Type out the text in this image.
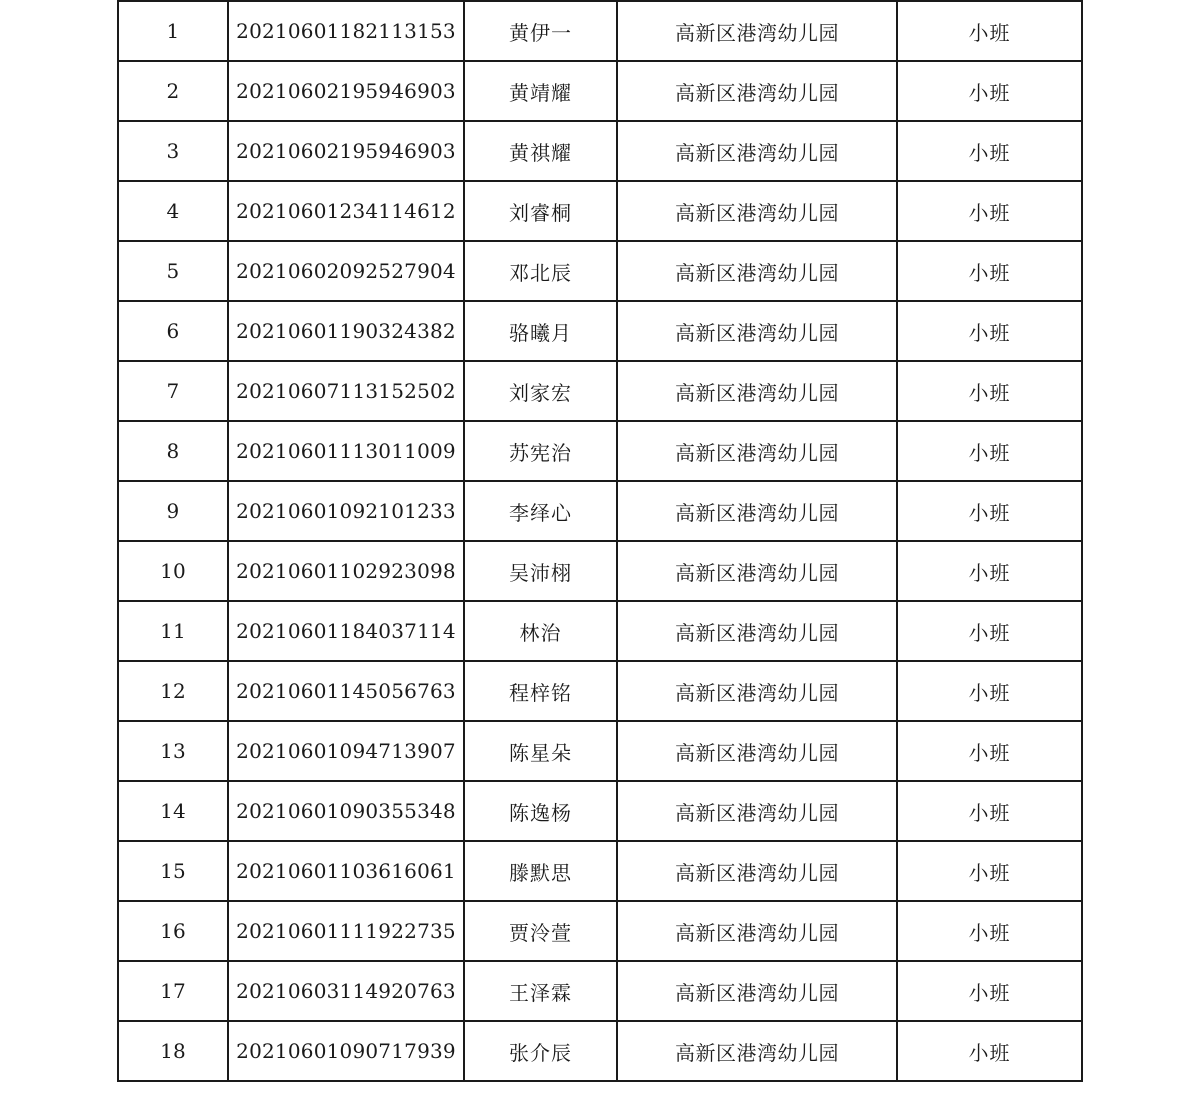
1	20210601182113153	黄伊一	高新区港湾幼儿园	小班
2	20210602195946903	黄靖耀	高新区港湾幼儿园	小班
3	20210602195946903	黄祺耀	高新区港湾幼儿园	小班
4	20210601234114612	刘睿桐	高新区港湾幼儿园	小班
5	20210602092527904	邓北辰	高新区港湾幼儿园	小班
6	20210601190324382	骆曦月	高新区港湾幼儿园	小班
7	20210607113152502	刘家宏	高新区港湾幼儿园	小班
8	20210601113011009	苏宪治	高新区港湾幼儿园	小班
9	20210601092101233	李绎心	高新区港湾幼儿园	小班
10	20210601102923098	吴沛栩	高新区港湾幼儿园	小班
11	20210601184037114	林治	高新区港湾幼儿园	小班
12	20210601145056763	程梓铭	高新区港湾幼儿园	小班
13	20210601094713907	陈星朵	高新区港湾幼儿园	小班
14	20210601090355348	陈逸杨	高新区港湾幼儿园	小班
15	20210601103616061	滕默思	高新区港湾幼儿园	小班
16	20210601111922735	贾泠萱	高新区港湾幼儿园	小班
17	20210603114920763	王泽霖	高新区港湾幼儿园	小班
18	20210601090717939	张介辰	高新区港湾幼儿园	小班
